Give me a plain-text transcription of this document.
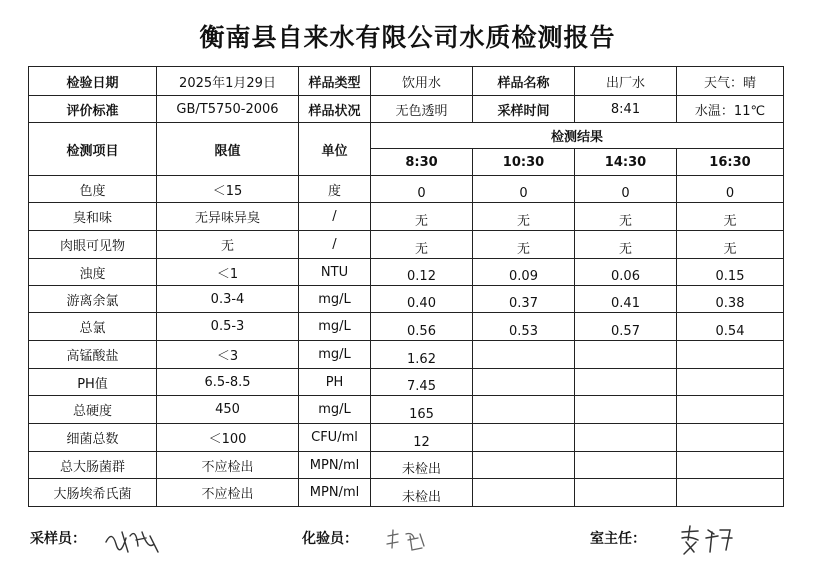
衡南县自来水有限公司水质检测报告
检验日期	2025年1月29日	样品类型	饮用水	样品名称	出厂水	天气：晴
评价标准	GB/T5750-2006	样品状况	无色透明	采样时间	8:41	水温：11℃
检测项目	限值	单位	检测结果			
			8:30	10:30	14:30	16:30
色度	＜15	度	0	0	0	0
臭和味	无异味异臭	/	无	无	无	无
肉眼可见物	无	/	无	无	无	无
浊度	＜1	NTU	0.12	0.09	0.06	0.15
游离余氯	0.3-4	mg/L	0.40	0.37	0.41	0.38
总氯	0.5-3	mg/L	0.56	0.53	0.57	0.54
高锰酸盐	＜3	mg/L	1.62			
PH值	6.5-8.5	PH	7.45			
总硬度	450	mg/L	165			
细菌总数	＜100	CFU/ml	12			
总大肠菌群	不应检出	MPN/ml	未检出			
大肠埃希氏菌	不应检出	MPN/ml	未检出			
采样员：	化验员：	室主任：
